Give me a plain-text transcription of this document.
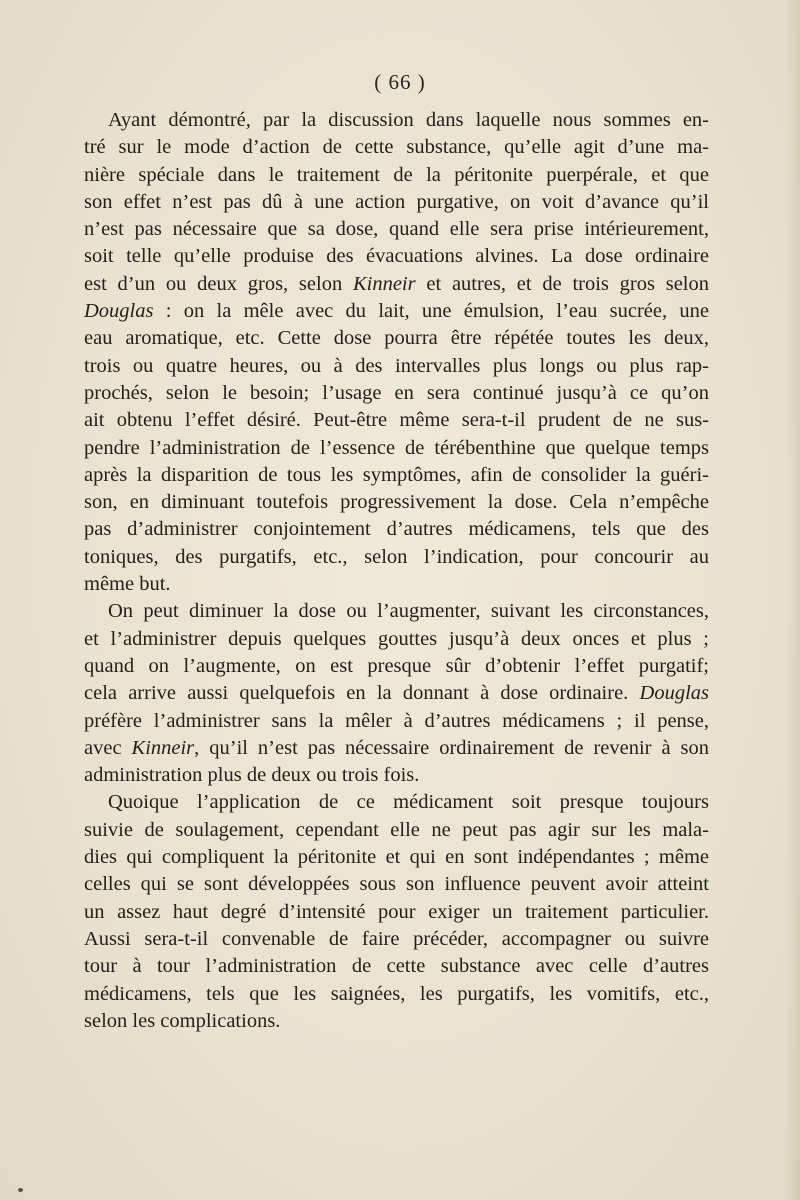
( 66 )
Ayant démontré, par la discussion dans laquelle nous sommes en-
tré sur le mode d’action de cette substance, qu’elle agit d’une ma-
nière spéciale dans le traitement de la péritonite puerpérale, et que
son effet n’est pas dû à une action purgative, on voit d’avance qu’il
n’est pas nécessaire que sa dose, quand elle sera prise intérieurement,
soit telle qu’elle produise des évacuations alvines. La dose ordinaire
est d’un ou deux gros, selon Kinneir et autres, et de trois gros selon
Douglas : on la mêle avec du lait, une émulsion, l’eau sucrée, une
eau aromatique, etc. Cette dose pourra être répétée toutes les deux,
trois ou quatre heures, ou à des intervalles plus longs ou plus rap-
prochés, selon le besoin; l’usage en sera continué jusqu’à ce qu’on
ait obtenu l’effet désiré. Peut-être même sera-t-il prudent de ne sus-
pendre l’administration de l’essence de térébenthine que quelque temps
après la disparition de tous les symptômes, afin de consolider la guéri-
son, en diminuant toutefois progressivement la dose. Cela n’empêche
pas d’administrer conjointement d’autres médicamens, tels que des
toniques, des purgatifs, etc., selon l’indication, pour concourir au
même but.
On peut diminuer la dose ou l’augmenter, suivant les circonstances,
et l’administrer depuis quelques gouttes jusqu’à deux onces et plus ;
quand on l’augmente, on est presque sûr d’obtenir l’effet purgatif;
cela arrive aussi quelquefois en la donnant à dose ordinaire. Douglas
préfère l’administrer sans la mêler à d’autres médicamens ; il pense,
avec Kinneir, qu’il n’est pas nécessaire ordinairement de revenir à son
administration plus de deux ou trois fois.
Quoique l’application de ce médicament soit presque toujours
suivie de soulagement, cependant elle ne peut pas agir sur les mala-
dies qui compliquent la péritonite et qui en sont indépendantes ; même
celles qui se sont développées sous son influence peuvent avoir atteint
un assez haut degré d’intensité pour exiger un traitement particulier.
Aussi sera-t-il convenable de faire précéder, accompagner ou suivre
tour à tour l’administration de cette substance avec celle d’autres
médicamens, tels que les saignées, les purgatifs, les vomitifs, etc.,
selon les complications.
